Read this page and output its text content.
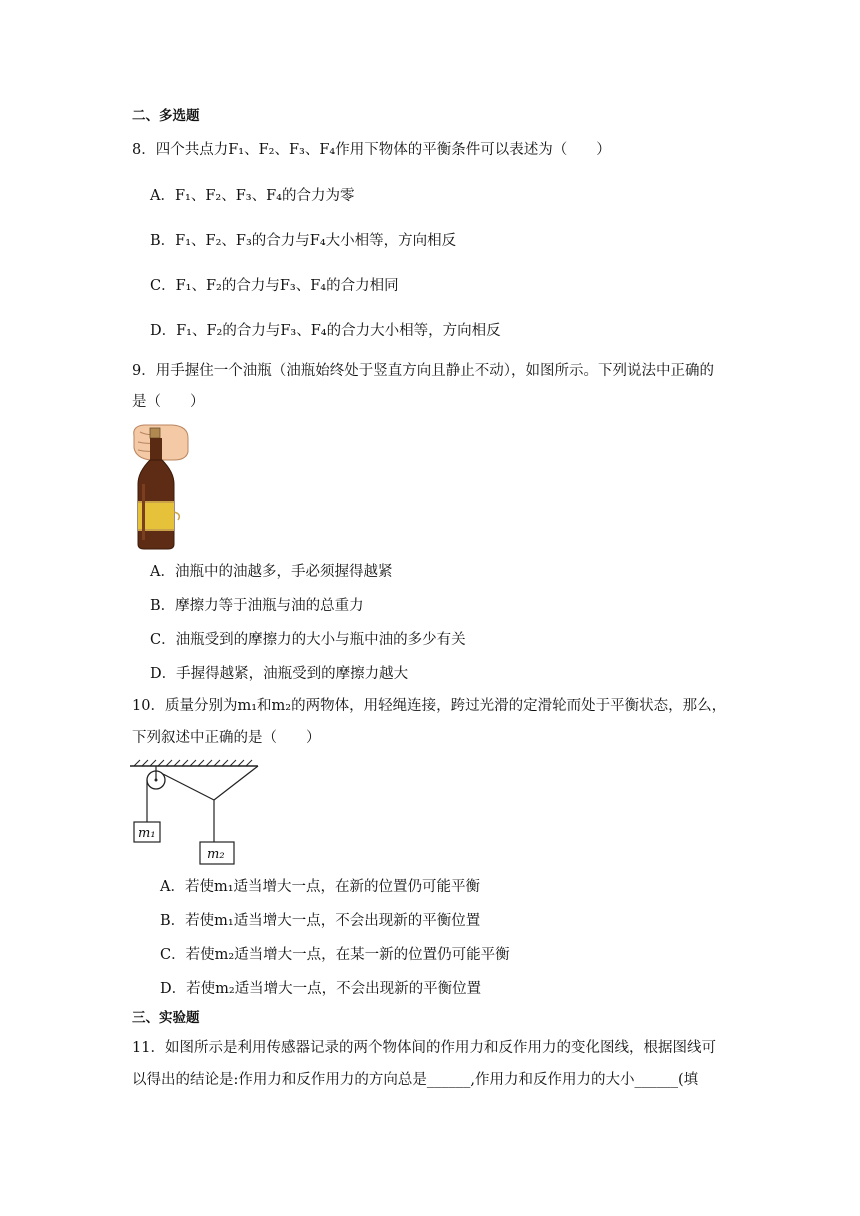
二、多选题
8．四个共点力F₁、F₂、F₃、F₄作用下物体的平衡条件可以表述为（　　）
A．F₁、F₂、F₃、F₄的合力为零
B．F₁、F₂、F₃的合力与F₄大小相等，方向相反
C．F₁、F₂的合力与F₃、F₄的合力相同
D．F₁、F₂的合力与F₃、F₄的合力大小相等，方向相反
9．用手握住一个油瓶（油瓶始终处于竖直方向且静止不动），如图所示。下列说法中正确的
是（　　）
A．油瓶中的油越多，手必须握得越紧
B．摩擦力等于油瓶与油的总重力
C．油瓶受到的摩擦力的大小与瓶中油的多少有关
D．手握得越紧，油瓶受到的摩擦力越大
10．质量分别为m₁和m₂的两物体，用轻绳连接，跨过光滑的定滑轮而处于平衡状态，那么，
下列叙述中正确的是（　　）
m₁
m₂
A．若使m₁适当增大一点，在新的位置仍可能平衡
B．若使m₁适当增大一点，不会出现新的平衡位置
C．若使m₂适当增大一点，在某一新的位置仍可能平衡
D．若使m₂适当增大一点，不会出现新的平衡位置
三、实验题
11．如图所示是利用传感器记录的两个物体间的作用力和反作用力的变化图线，根据图线可
以得出的结论是:作用力和反作用力的方向总是______,作用力和反作用力的大小______(填
